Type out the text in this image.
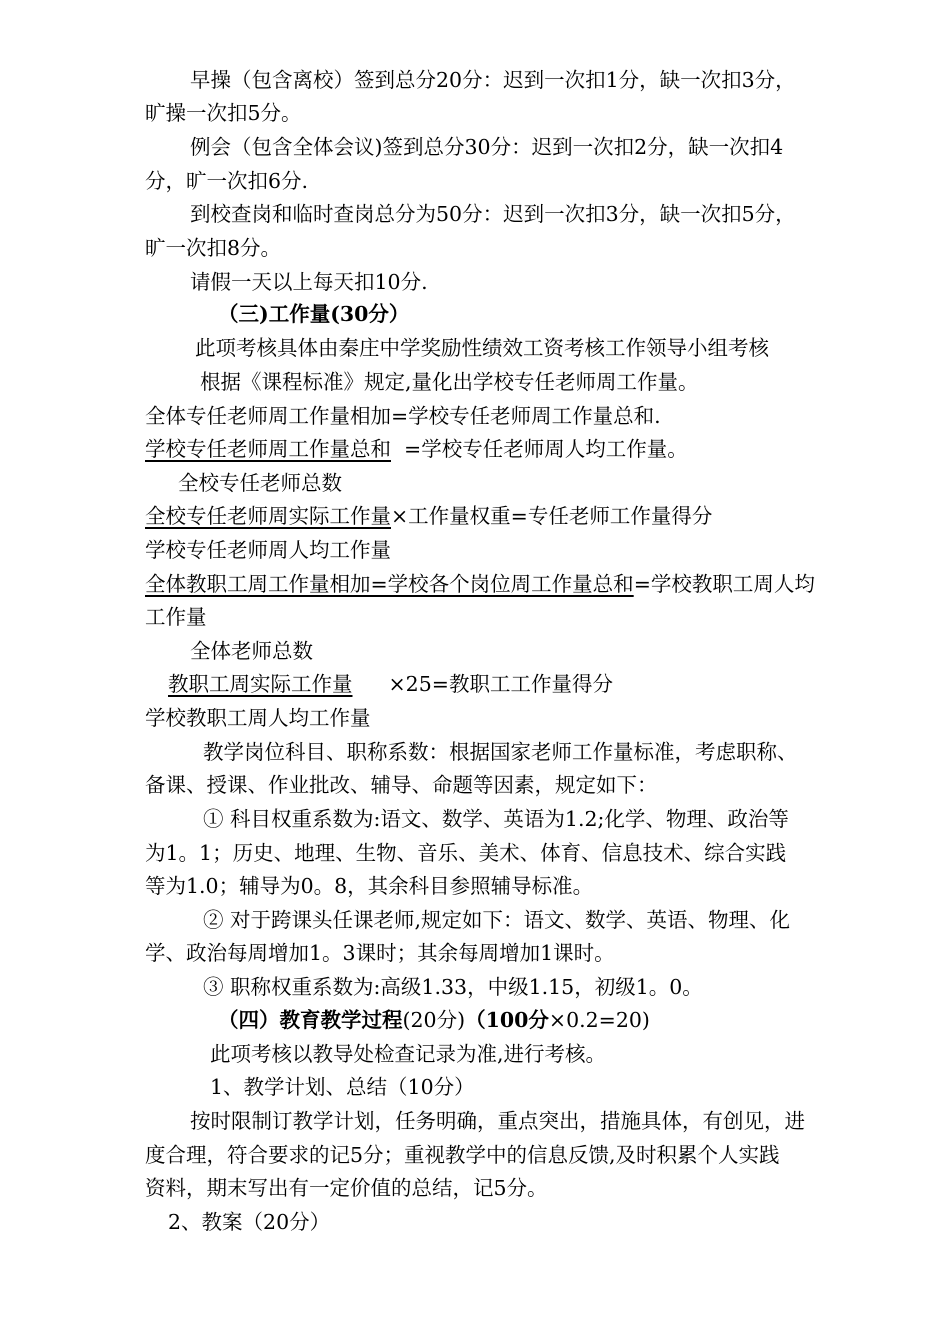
早操（包含离校）签到总分20分：迟到一次扣1分，缺一次扣3分，
旷操一次扣5分。
例会（包含全体会议)签到总分30分：迟到一次扣2分，缺一次扣4
分，旷一次扣6分.
到校查岗和临时查岗总分为50分：迟到一次扣3分，缺一次扣5分，
旷一次扣8分。
请假一天以上每天扣10分.
（三)工作量(30分）
此项考核具体由秦庄中学奖励性绩效工资考核工作领导小组考核
根据《课程标准》规定,量化出学校专任老师周工作量。
全体专任老师周工作量相加=学校专任老师周工作量总和.
学校专任老师周工作量总和  =学校专任老师周人均工作量。
全校专任老师总数
全校专任老师周实际工作量×工作量权重=专任老师工作量得分
学校专任老师周人均工作量
全体教职工周工作量相加=学校各个岗位周工作量总和=学校教职工周人均
工作量
全体老师总数
教职工周实际工作量 ×25=教职工工作量得分
学校教职工周人均工作量
教学岗位科目、职称系数：根据国家老师工作量标准，考虑职称、
备课、授课、作业批改、辅导、命题等因素，规定如下：
① 科目权重系数为:语文、数学、英语为1.2;化学、物理、政治等
为1。1；历史、地理、生物、音乐、美术、体育、信息技术、综合实践
等为1.0；辅导为0。8，其余科目参照辅导标准。
② 对于跨课头任课老师,规定如下：语文、数学、英语、物理、化
学、政治每周增加1。3课时；其余每周增加1课时。
③ 职称权重系数为:高级1.33，中级1.15，初级1。0。
（四）教育教学过程(20分)（100分×0.2=20)
此项考核以教导处检查记录为准,进行考核。
1、教学计划、总结（10分）
按时限制订教学计划，任务明确，重点突出，措施具体，有创见，进
度合理，符合要求的记5分；重视教学中的信息反馈,及时积累个人实践
资料，期末写出有一定价值的总结，记5分。
2、教案（20分）
